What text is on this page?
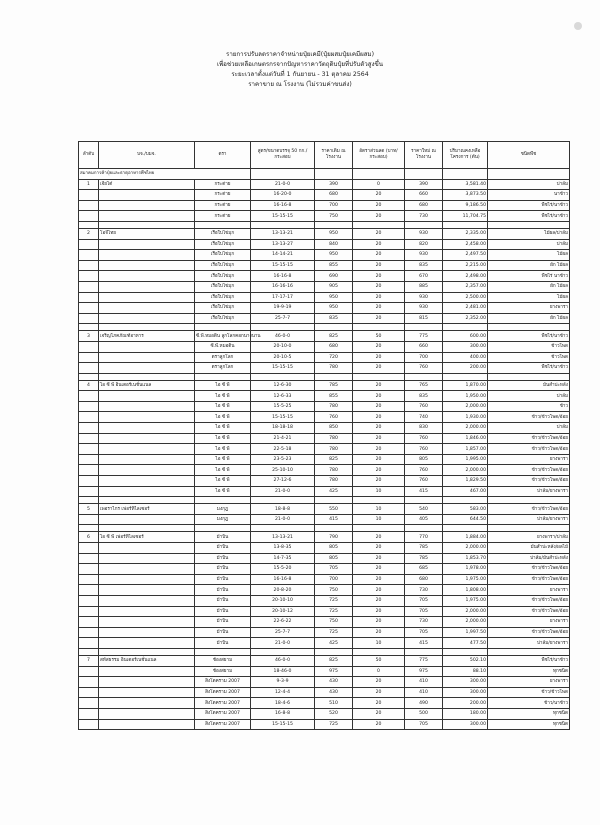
รายการปรับลดราคาจำหน่ายปุ๋ยเคมี(ปุ๋ยผสมปุ๋ยเคมีผสม)
เพื่อช่วยเหลือเกษตรกรจากปัญหาราคาวัตถุดิบปุ๋ยที่ปรับตัวสูงขึ้น
ระยะเวลาตั้งแต่วันที่ 1 กันยายน - 31 ตุลาคม 2564
ราคาขาย ณ โรงงาน (ไม่รวมค่าขนส่ง)
ลำดับ	บจ./บมจ.	ตรา	สูตร/ขนาดบรรจุ 50 กก./กระสอบ	ราคาเดิม ณ โรงงาน	อัตราส่วนลด (บาท/กระสอบ)	ราคาใหม่ ณ โรงงาน	ปริมาณคงเหลือ โครงการ (ตัน)	ชนิดพืช
สมาคมการค้าปุ๋ยและธาตุอาหารพืชไทย								
1	เจียไต๋	กระต่าย	21-0-0	390	0	390	3,581.40	ปาล์ม
		กระต่าย	16-20-0	680	20	660	3,873.50	นาข้าว
		กระต่าย	16-16-8	700	20	680	9,186.50	พืชไร่/นาข้าว
		กระต่าย	15-15-15	750	20	730	11,704.75	พืชไร่/นาข้าว

2	โอจีไทย	เรือใบไข่มุก	13-13-21	950	20	930	2,335.00	ไม้ผล/ปาล์ม
		เรือใบไข่มุก	13-13-27	840	20	820	2,458.00	ปาล์ม
		เรือใบไข่มุก	14-14-21	950	20	930	2,497.50	ไม้ผล
		เรือใบไข่มุก	15-15-15	855	20	835	2,215.00	ผัก ไม้ผล
		เรือใบไข่มุก	16-16-8	690	20	670	2,498.00	พืชไร่ นาข้าว
		เรือใบไข่มุก	16-16-16	905	20	885	2,357.00	ผัก ไม้ผล
		เรือใบไข่มุก	17-17-17	950	20	930	2,500.00	ไม้ผล
		เรือใบไข่มุก	19-9-19	950	20	930	2,481.00	ยางพารา
		เรือใบไข่มุก	25-7-7	835	20	815	2,352.00	ผัก ไม้ผล

3	เจริญโภคภัณฑ์อาหาร	ซี.พี.หมอดิน ลูกโลกคอกนางนาน	46-0-0	825	50	775	600.00	พืชไร่/นาข้าว
		ซี.พี.หมอดิน	20-10-0	680	20	660	300.00	ข้าวโพด
		ตราลูกโลก	20-10-5	720	20	700	400.00	ข้าวโพด
		ตราลูกโลก	15-15-15	780	20	760	200.00	พืชไร่/นาข้าว

4	ไอ ซี พี อินเตอร์เนชั่นแนล	ไอ ซี พี	12-6-30	785	20	765	1,870.00	มันสำปะหลัง
		ไอ ซี พี	12-6-33	855	20	835	1,950.00	ปาล์ม
		ไอ ซี พี	15-5-25	780	20	760	2,000.00	ข้าว
		ไอ ซี พี	15-15-15	760	20	740	1,930.00	ข้าว/ข้าวโพด/อ้อย
		ไอ ซี พี	18-18-18	850	20	830	2,000.00	ปาล์ม
		ไอ ซี พี	21-4-21	780	20	760	1,846.00	ข้าว/ข้าวโพด/อ้อย
		ไอ ซี พี	22-5-18	780	20	760	1,857.00	ข้าว/ข้าวโพด/อ้อย
		ไอ ซี พี	23-5-23	825	20	805	1,995.00	ยางพารา
		ไอ ซี พี	25-10-10	780	20	760	2,000.00	ข้าว/ข้าวโพด/อ้อย
		ไอ ซี พี	27-12-6	780	20	760	1,829.50	ข้าว/ข้าวโพด/อ้อย
		ไอ ซี พี	21-0-0	425	10	415	467.00	ปาล์ม/ยางพารา

5	เพอราไกร เฟอร์ทิไลเซอร์	มงกุฎ	18-8-8	550	10	540	583.00	ข้าว/ข้าวโพด/อ้อย
		มงกุฎ	21-0-0	415	10	405	644.50	ปาล์ม/ยางพารา

6	ไอ ซี พี เฟอร์ทิไลเซอร์	ม้าบิน	13-13-21	790	20	770	1,884.00	ยางพารา/ปาล์ม
		ม้าบิน	13-8-35	805	20	785	2,000.00	มันสำปะหลัง/ผลไม้
		ม้าบิน	14-7-35	805	20	785	1,853.70	ปาล์ม/มันสำปะหลัง
		ม้าบิน	15-5-20	705	20	685	1,978.00	ข้าว/ข้าวโพด/อ้อย
		ม้าบิน	16-16-8	700	20	680	1,975.00	ข้าว/ข้าวโพด/อ้อย
		ม้าบิน	20-8-20	750	20	730	1,808.00	ยางพารา
		ม้าบิน	20-10-10	725	20	705	1,975.00	ข้าว/ข้าวโพด/อ้อย
		ม้าบิน	20-10-12	725	20	705	2,000.00	ข้าว/ข้าวโพด/อ้อย
		ม้าบิน	22-6-22	750	20	730	2,000.00	ยางพารา
		ม้าบิน	25-7-7	725	20	705	1,997.50	ข้าว/ข้าวโพด/อ้อย
		ม้าบิน	21-0-0	425	10	415	477.50	ปาล์ม/ยางพารา

7	สหัสธรรม อินเตอร์เนชั่นแนล	ช้องสยาม	46-0-0	825	50	775	502.10	พืชไร่/นาข้าว
		ช้องสยาม	18-46-0	975	0	975	88.10	ทุกชนิด
		สิงโตคราม 2007	9-3-9	430	20	410	300.00	ยางพารา
		สิงโตคราม 2007	12-4-4	430	20	410	300.00	ข้าว/ข้าวโพด
		สิงโตคราม 2007	18-4-6	510	20	490	200.00	ข้าว/นาข้าว
		สิงโตคราม 2007	16-8-8	520	20	500	180.00	ทุกชนิด
		สิงโตคราม 2007	15-15-15	725	20	705	300.00	ทุกชนิด
